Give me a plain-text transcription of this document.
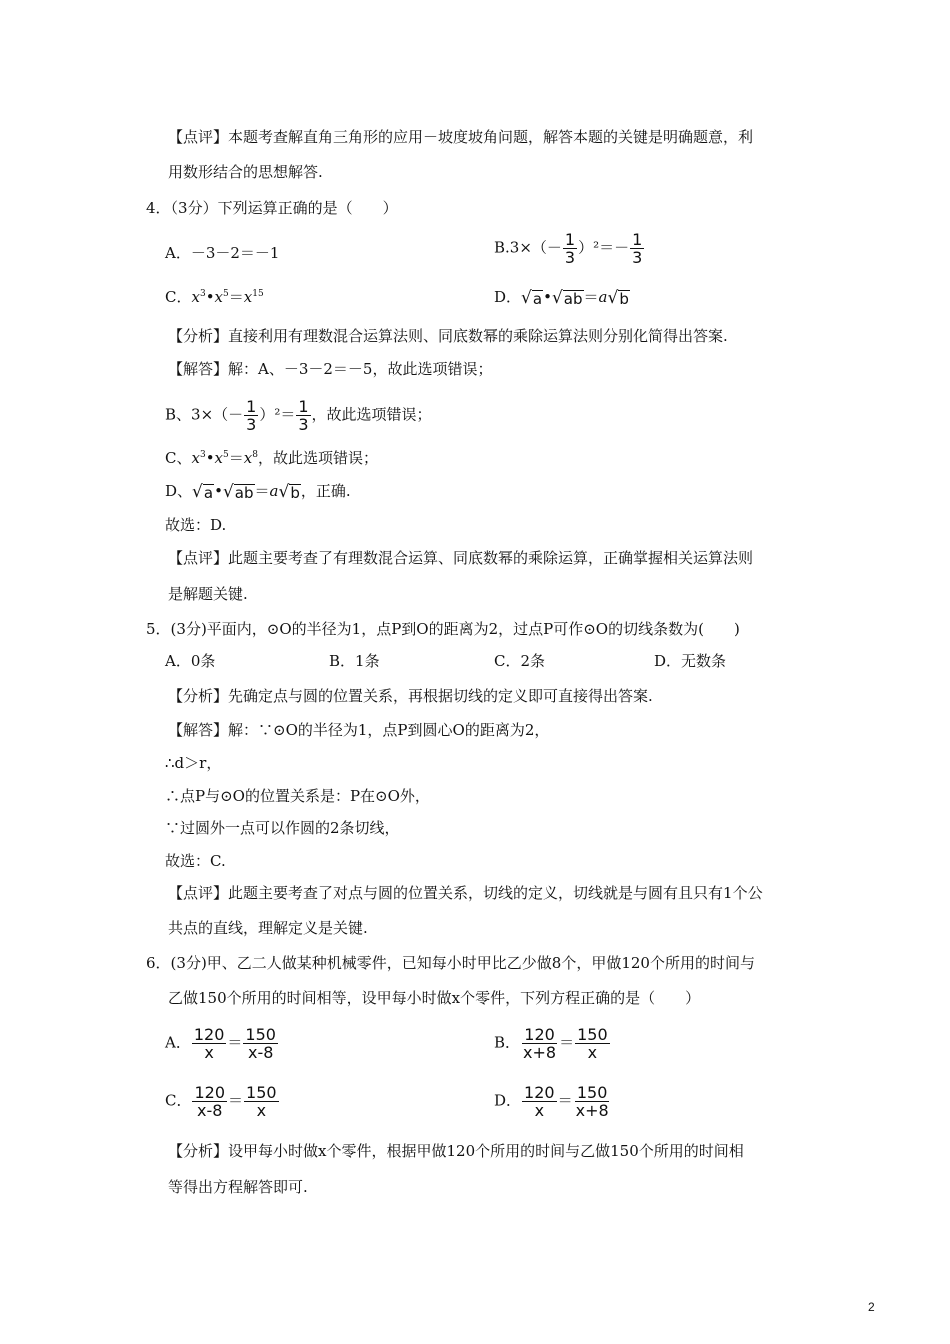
【点评】本题考查解直角三角形的应用－坡度坡角问题，解答本题的关键是明确题意，利
用数形结合的思想解答.
4．（3分）下列运算正确的是（　　）
A．－3－2＝－1	$B.3\times(- \frac{1}{3} )^2=- \frac{1}{3}$
C．$x^3•x^5=x^{15}$	D． √ a • √ ab ＝a √ b
【分析】直接利用有理数混合运算法则、同底数幂的乘除运算法则分别化简得出答案.
【解答】解：A、－3－2＝－5，故此选项错误；
B、$3\times(- \frac{1}{3} )^2= \frac{1}{3}$ ，故此选项错误；
C、$x^3•x^5=x^8$，故此选项错误；
D、 √ a • √ ab ＝a √ b ，正确.
故选：D.
【点评】此题主要考查了有理数混合运算、同底数幂的乘除运算，正确掌握相关运算法则
是解题关键.
5．(3分)平面内，⊙O的半径为1，点P到O的距离为2，过点P可作⊙O的切线条数为(　　)
A．0条	B．1条	C．2条	D．无数条
【分析】先确定点与圆的位置关系，再根据切线的定义即可直接得出答案.
【解答】解：∵⊙O的半径为1，点P到圆心O的距离为2，
∴d＞r，
∴点P与⊙O的位置关系是：P在⊙O外，
∵过圆外一点可以作圆的2条切线，
故选：C.
【点评】此题主要考查了对点与圆的位置关系，切线的定义，切线就是与圆有且只有1个公
共点的直线，理解定义是关键.
6．(3分)甲、乙二人做某种机械零件，已知每小时甲比乙少做8个，甲做120个所用的时间与
乙做150个所用的时间相等，设甲每小时做x个零件，下列方程正确的是（　　）
A． $\frac{120}{x} = \frac{150}{x-8}$	B． $\frac{120}{x+8} = \frac{150}{x}$
C． $\frac{120}{x-8} = \frac{150}{x}$	D． $\frac{120}{x} = \frac{150}{x+8}$
【分析】设甲每小时做x个零件，根据甲做120个所用的时间与乙做150个所用的时间相
等得出方程解答即可.
2
